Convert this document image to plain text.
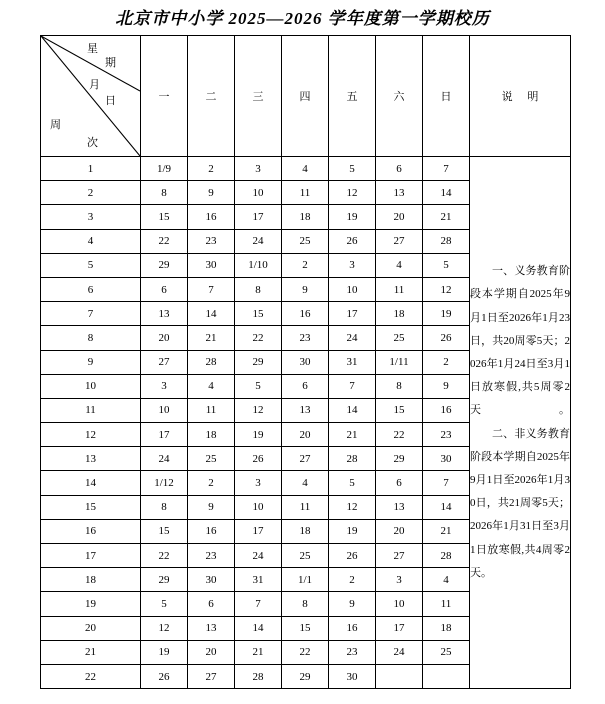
北京市中小学 2025—2026 学年度第一学期校历
星
期
月
日
周
次
	一	二	三	四	五	六	日	说 明
1	1/9	2	3	4	5	6	7	一、义务教育阶段本学期自2025年9月1日至2026年1月23日，共20周零5天；2026年1月24日至3月1日放寒假,共5周零2天。
二、非义务教育阶段本学期自2025年9月1日至2026年1月30日，共21周零5天；2026年1月31日至3月1日放寒假,共4周零2天。

2	8	9	10	11	12	13	14	
3	15	16	17	18	19	20	21	
4	22	23	24	25	26	27	28	
5	29	30	1/10	2	3	4	5	
6	6	7	8	9	10	11	12	
7	13	14	15	16	17	18	19	
8	20	21	22	23	24	25	26	
9	27	28	29	30	31	1/11	2	
10	3	4	5	6	7	8	9	
11	10	11	12	13	14	15	16	
12	17	18	19	20	21	22	23	
13	24	25	26	27	28	29	30	
14	1/12	2	3	4	5	6	7	
15	8	9	10	11	12	13	14	
16	15	16	17	18	19	20	21	
17	22	23	24	25	26	27	28	
18	29	30	31	1/1	2	3	4	
19	5	6	7	8	9	10	11	
20	12	13	14	15	16	17	18	
21	19	20	21	22	23	24	25	
22	26	27	28	29	30			
